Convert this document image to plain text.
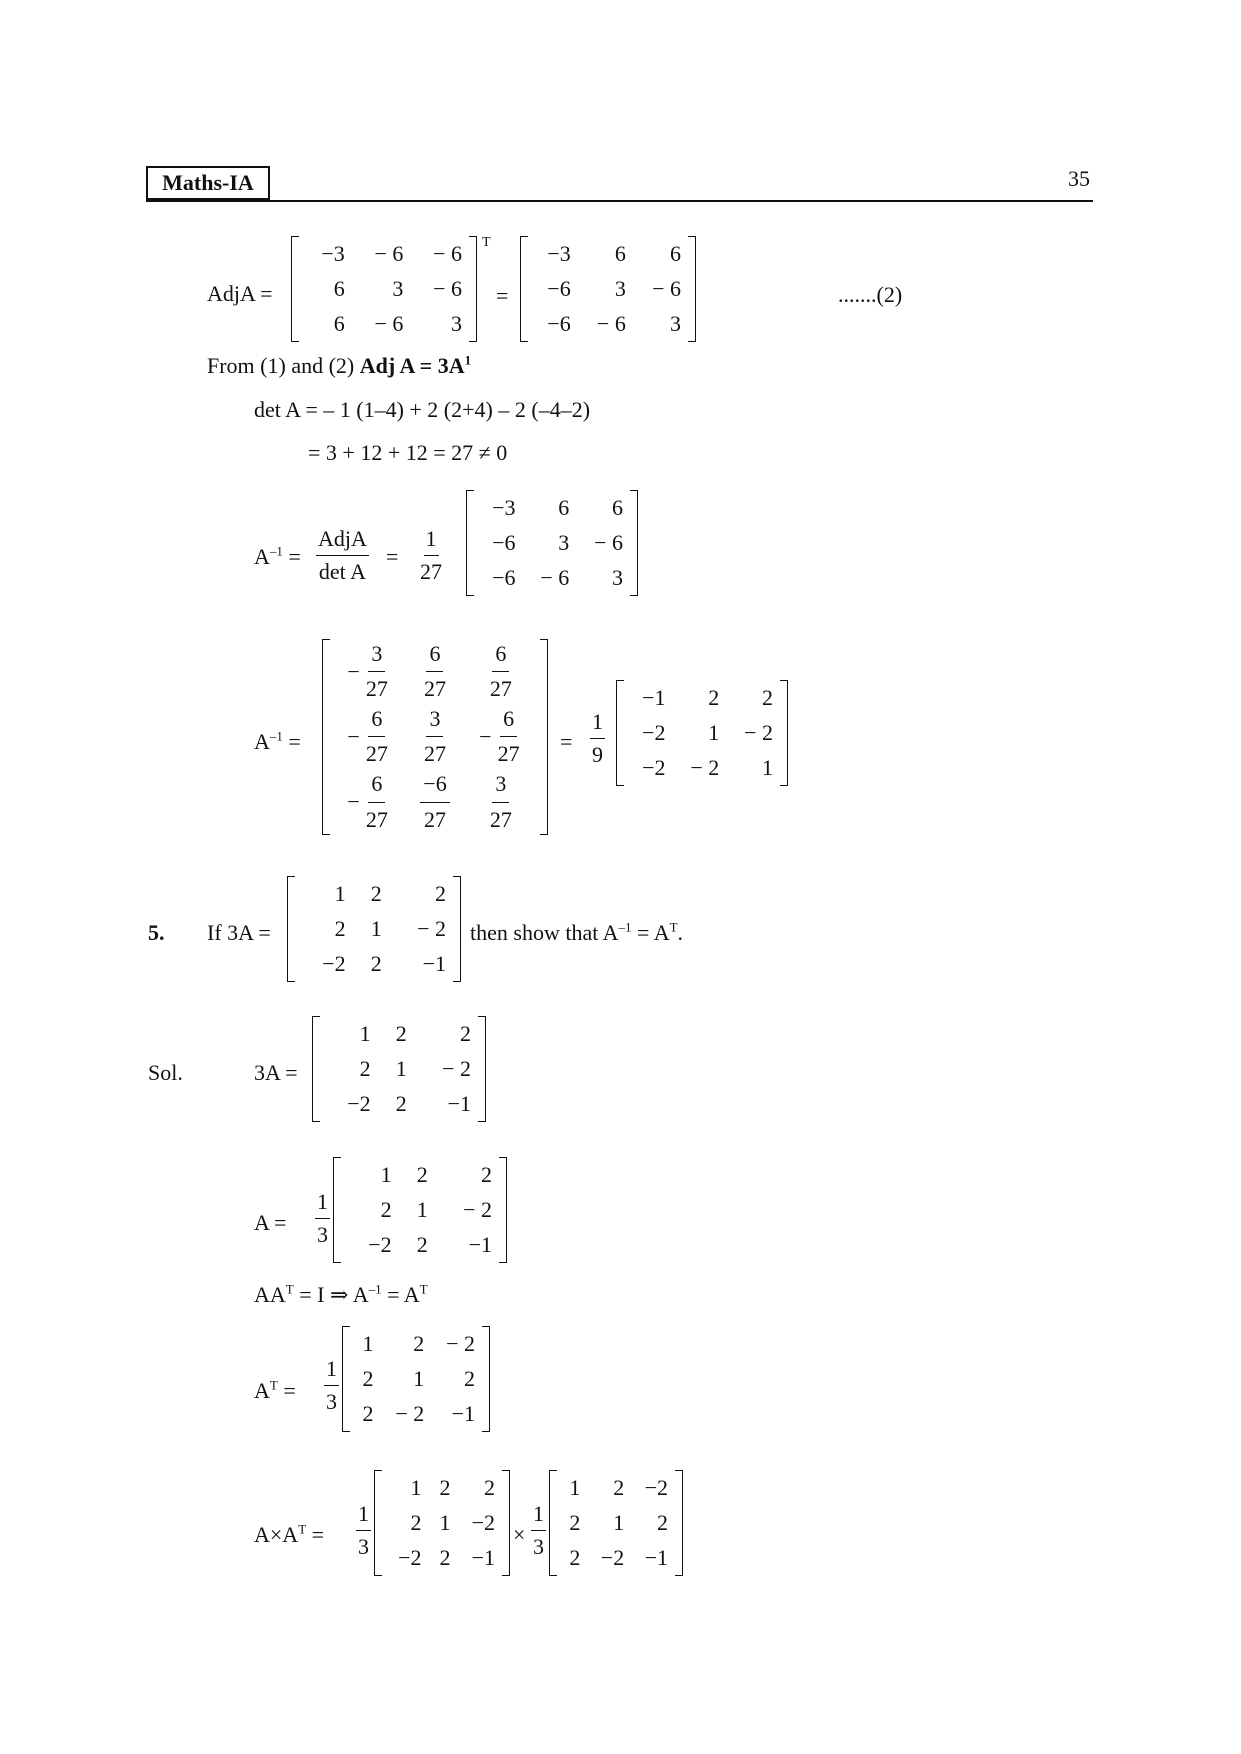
Maths-IA	35
AdjA =
−3	− 6	− 6
6	3	− 6
6	− 6	3
T
=
−3	6	6
−6	3	− 6
−6	− 6	3
.......(2)
From (1) and (2) Adj $A = 3A^1$
det A = – 1 (1–4) + 2 (2+4) – 2 (–4–2)
= 3 + 12 + 12 = 27 ≠ 0
$A^{-1}$ =
AdjA
det A
= $\frac{1}{27}$
−3	6	6
−6	3	− 6
−6	− 6	3
$A^{-1}$ =
− $\frac{3}{27}$	$\frac{6}{27}$	$\frac{6}{27}$

− $\frac{6}{27}$	$\frac{3}{27}$	− $\frac{6}{27}$

− $\frac{6}{27}$	$\frac{-6}{27}$	$\frac{3}{27}$
= $\frac{1}{9}$
−1	2	2
−2	1	− 2
−2	− 2	1
5. If 3A =
1	2	2
2	1	− 2
−2	2	−1
then show that $A^{-1} = A^T$.
Sol.	3A =
1	2	2
2	1	− 2
−2	2	−1
$A = \frac{1}{3}$
1	2	2
2	1	− 2
−2	2	−1
$AA^T = I$ ⇒ $A^{-1} = A^T$
$A^T = \frac{1}{3}$
1	2	− 2
2	1	2
2	− 2	−1
$A\times A^T = \frac{1}{3}$
1	2	2
2	1	−2
−2	2	−1
× $\frac{1}{3}$
1	2	−2
2	1	2
2	−2	−1
